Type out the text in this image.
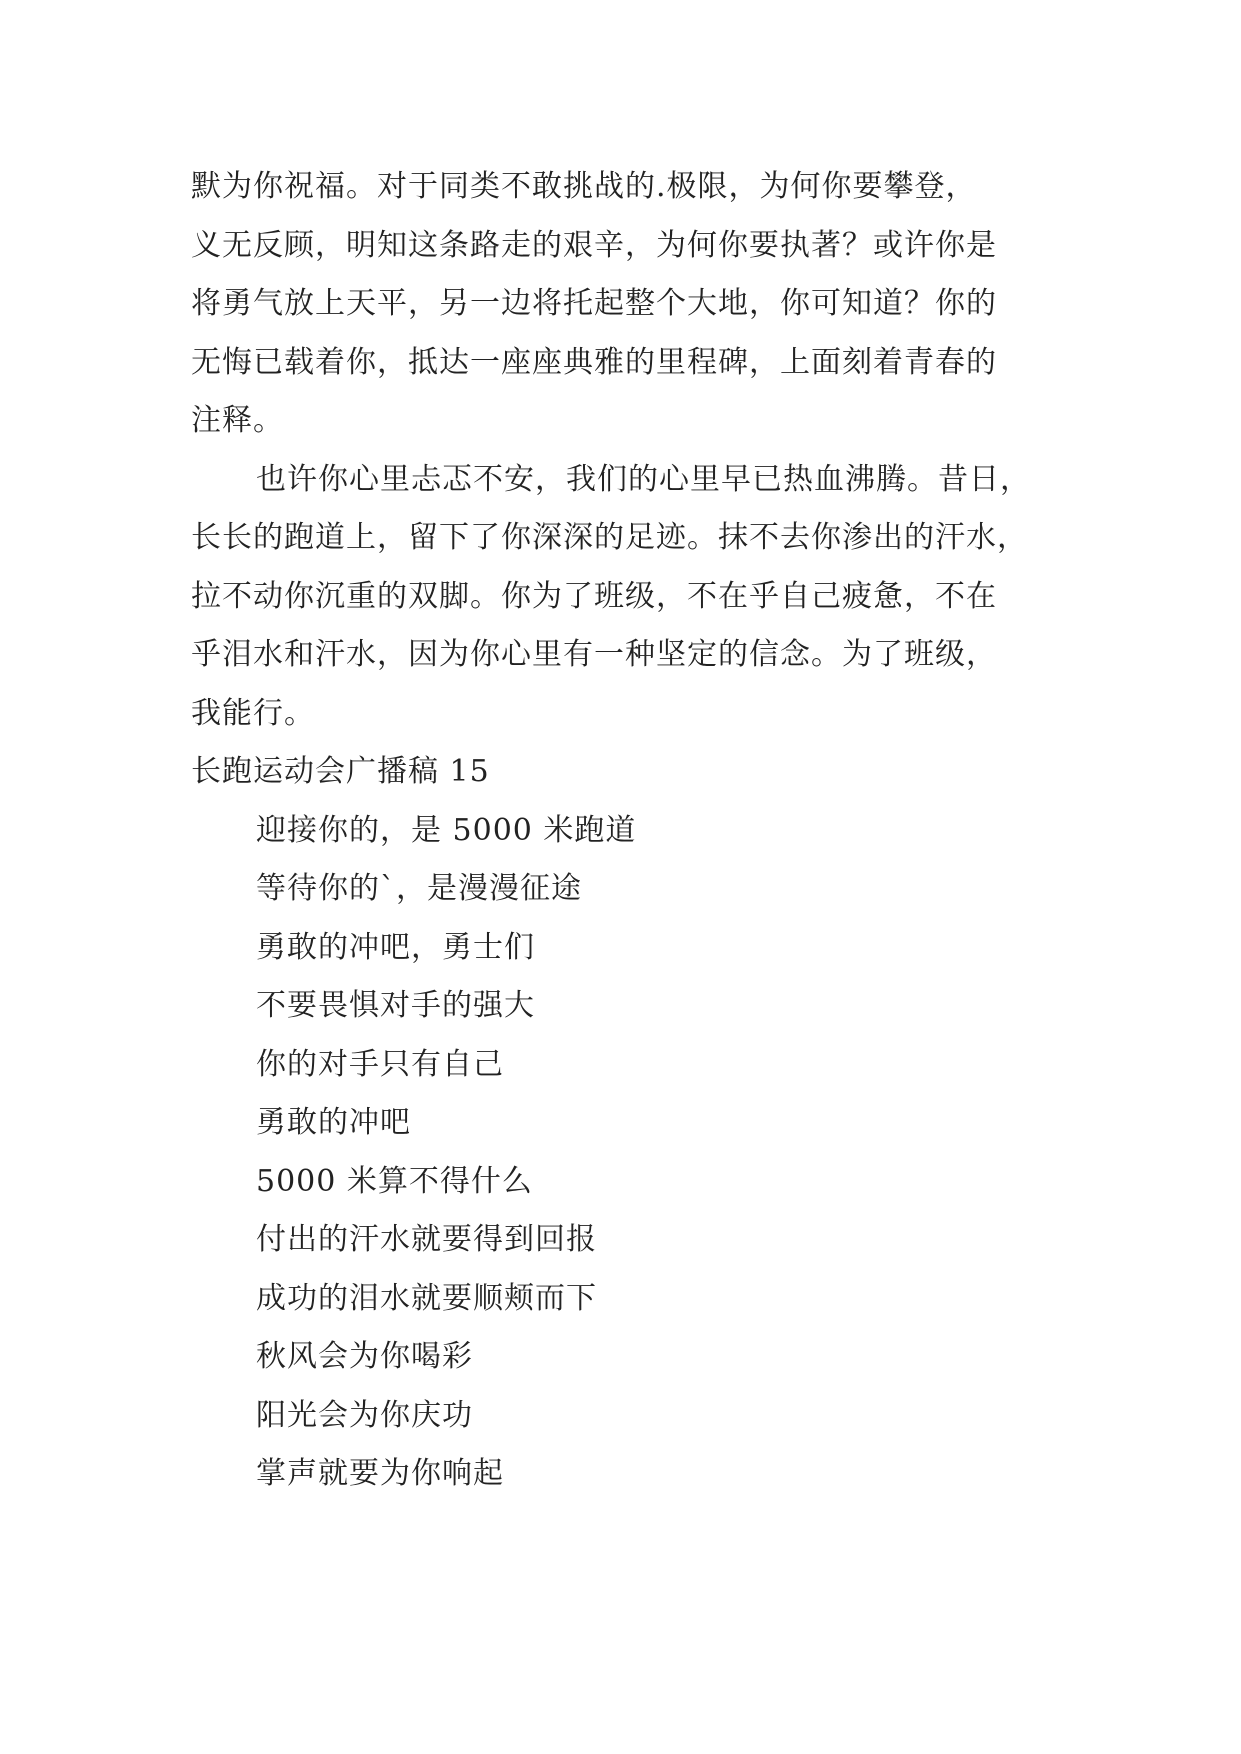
默为你祝福。对于同类不敢挑战的.极限，为何你要攀登，
义无反顾，明知这条路走的艰辛，为何你要执著？或许你是
将勇气放上天平，另一边将托起整个大地，你可知道？你的
无悔已载着你，抵达一座座典雅的里程碑，上面刻着青春的
注释。
也许你心里忐忑不安，我们的心里早已热血沸腾。昔日，
长长的跑道上，留下了你深深的足迹。抹不去你渗出的汗水，
拉不动你沉重的双脚。你为了班级，不在乎自己疲惫，不在
乎泪水和汗水，因为你心里有一种坚定的信念。为了班级，
我能行。
长跑运动会广播稿 15
迎接你的，是 5000 米跑道
等待你的`，是漫漫征途
勇敢的冲吧，勇士们
不要畏惧对手的强大
你的对手只有自己
勇敢的冲吧
5000 米算不得什么
付出的汗水就要得到回报
成功的泪水就要顺颊而下
秋风会为你喝彩
阳光会为你庆功
掌声就要为你响起
